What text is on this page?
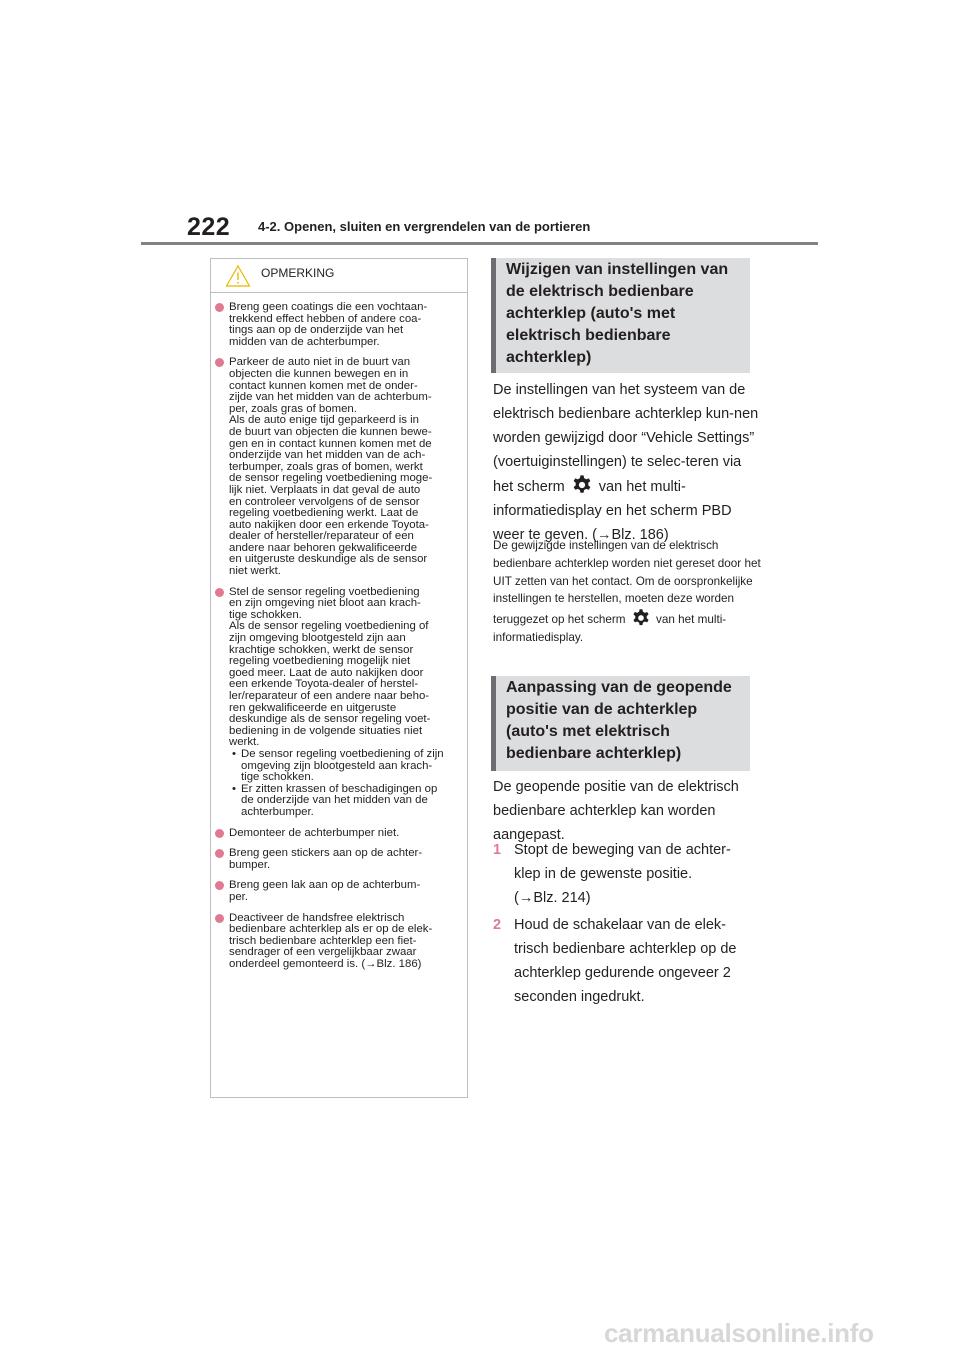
222 4-2. Openen, sluiten en vergrendelen van de portieren
OPMERKING
Breng geen coatings die een vochtaan-
trekkend effect hebben of andere coa-
tings aan op de onderzijde van het
midden van de achterbumper.
Parkeer de auto niet in de buurt van
objecten die kunnen bewegen en in
contact kunnen komen met de onder-
zijde van het midden van de achterbum-
per, zoals gras of bomen.
Als de auto enige tijd geparkeerd is in
de buurt van objecten die kunnen bewe-
gen en in contact kunnen komen met de
onderzijde van het midden van de ach-
terbumper, zoals gras of bomen, werkt
de sensor regeling voetbediening moge-
lijk niet. Verplaats in dat geval de auto
en controleer vervolgens of de sensor
regeling voetbediening werkt. Laat de
auto nakijken door een erkende Toyota-
dealer of hersteller/reparateur of een
andere naar behoren gekwalificeerde
en uitgeruste deskundige als de sensor
niet werkt.
Stel de sensor regeling voetbediening
en zijn omgeving niet bloot aan krach-
tige schokken.
Als de sensor regeling voetbediening of
zijn omgeving blootgesteld zijn aan
krachtige schokken, werkt de sensor
regeling voetbediening mogelijk niet
goed meer. Laat de auto nakijken door
een erkende Toyota-dealer of herstel-
ler/reparateur of een andere naar beho-
ren gekwalificeerde en uitgeruste
deskundige als de sensor regeling voet-
bediening in de volgende situaties niet
werkt.
• De sensor regeling voetbediening of zijn
omgeving zijn blootgesteld aan krach-
tige schokken.
• Er zitten krassen of beschadigingen op
de onderzijde van het midden van de
achterbumper.
Demonteer de achterbumper niet.
Breng geen stickers aan op de achter-
bumper.
Breng geen lak aan op de achterbum-
per.
Deactiveer de handsfree elektrisch
bedienbare achterklep als er op de elek-
trisch bedienbare achterklep een fiet-
sendrager of een vergelijkbaar zwaar
onderdeel gemonteerd is. (→Blz. 186)
Wijzigen van instellingen van
de elektrisch bedienbare
achterklep (auto's met
elektrisch bedienbare
achterklep)
De instellingen van het systeem van de elektrisch bedienbare achterklep kun-nen worden gewijzigd door “Vehicle Settings” (voertuiginstellingen) te selec-teren via het scherm van het multi-informatiedisplay en het scherm PBD weer te geven. (→Blz. 186)
De gewijzigde instellingen van de elektrisch bedienbare achterklep worden niet gereset door het UIT zetten van het contact. Om de oorspronkelijke instellingen te herstellen, moeten deze worden teruggezet op het scherm	van het multi-informatiedisplay.
Aanpassing van de geopende
positie van de achterklep
(auto's met elektrisch
bedienbare achterklep)
De geopende positie van de elektrisch bedienbare achterklep kan worden aangepast.
1 Stopt de beweging van de achter-
klep in de gewenste positie.
(→Blz. 214)
2 Houd de schakelaar van de elek-
trisch bedienbare achterklep op de
achterklep gedurende ongeveer 2
seconden ingedrukt.
carmanualsonline.info
